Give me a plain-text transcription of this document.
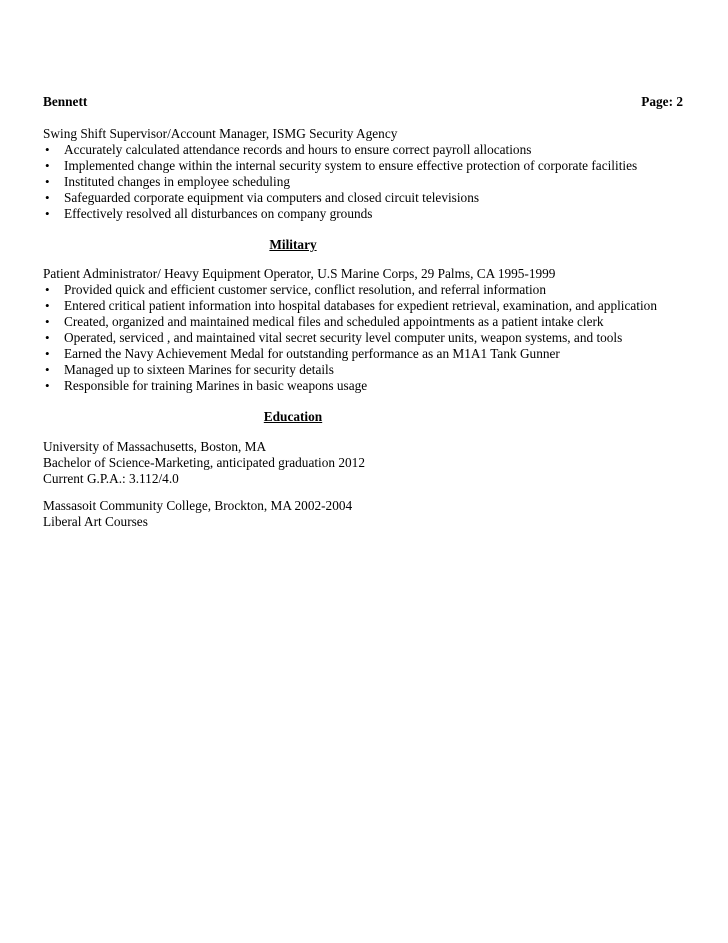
Bennett	Page: 2
Swing Shift Supervisor/Account Manager, ISMG Security Agency
• Accurately calculated attendance records and hours to ensure correct payroll allocations
• Implemented change within the internal security system to ensure effective protection of corporate facilities
• Instituted changes in employee scheduling
• Safeguarded corporate equipment via computers and closed circuit televisions
• Effectively resolved all disturbances on company grounds
Military
Patient Administrator/ Heavy Equipment Operator, U.S Marine Corps, 29 Palms, CA 1995-1999
• Provided quick and efficient customer service, conflict resolution, and referral information
• Entered critical patient information into hospital databases for expedient retrieval, examination, and application
• Created, organized and maintained medical files and scheduled appointments as a patient intake clerk
• Operated, serviced , and maintained vital secret security level computer units, weapon systems, and tools
• Earned the Navy Achievement Medal for outstanding performance as an M1A1 Tank Gunner
• Managed up to sixteen Marines for security details
• Responsible for training Marines in basic weapons usage
Education
University of Massachusetts, Boston, MA
Bachelor of Science-Marketing, anticipated graduation 2012
Current G.P.A.: 3.112/4.0
Massasoit Community College, Brockton, MA 2002-2004
Liberal Art Courses
